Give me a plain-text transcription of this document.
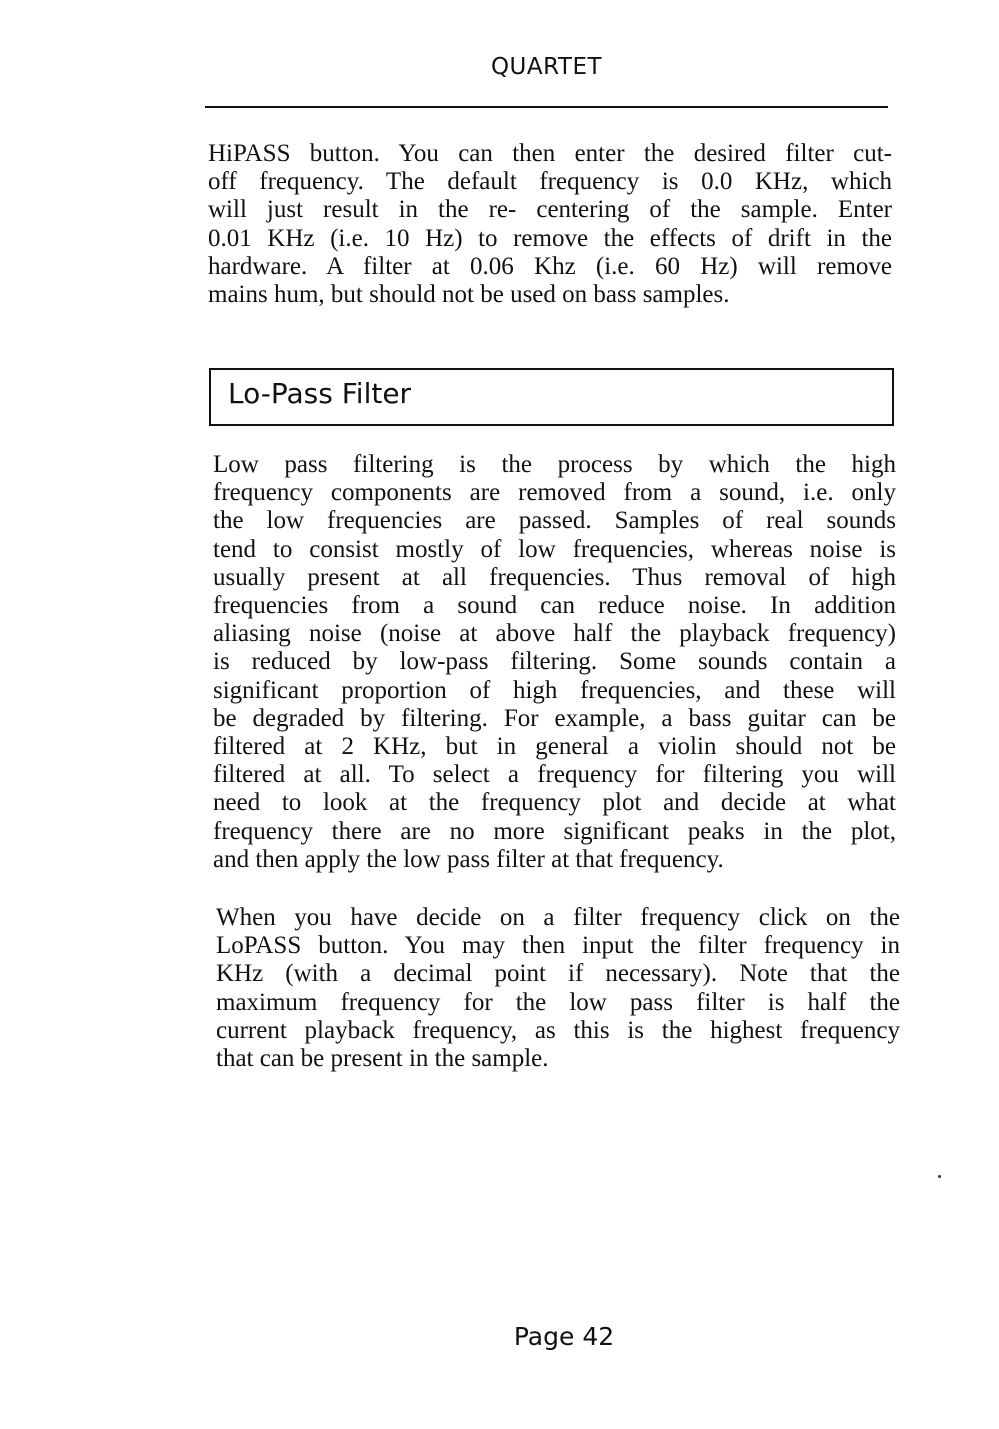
QUARTET

HiPASS button. You can then enter the desired filter cut-

off frequency. The default frequency is 0.0 KHz, which

will just result in the re- centering of the sample. Enter

0.01 KHz (i.e. 10 Hz) to remove the effects of drift in the

hardware. A filter at 0.06 Khz (i.e. 60 Hz) will remove

mains hum, but should not be used on bass samples.

Lo-Pass Filter

Low pass filtering is the process by which the high

frequency components are removed from a sound, i.e. only

the low frequencies are passed. Samples of real sounds

tend to consist mostly of low frequencies, whereas noise is

usually present at all frequencies. Thus removal of high

frequencies from a sound can reduce noise. In addition

aliasing noise (noise at above half the playback frequency)

is reduced by low-pass filtering. Some sounds contain a

significant proportion of high frequencies, and these will

be degraded by filtering. For example, a bass guitar can be

filtered at 2 KHz, but in general a violin should not be

filtered at all. To select a frequency for filtering you will

need to look at the frequency plot and decide at what

frequency there are no more significant peaks in the plot,

and then apply the low pass filter at that frequency.

When you have decide on a filter frequency click on the

LoPASS button. You may then input the filter frequency in

KHz (with a decimal point if necessary). Note that the

maximum frequency for the low pass filter is half the

current playback frequency, as this is the highest frequency

that can be present in the sample.

Page 42
